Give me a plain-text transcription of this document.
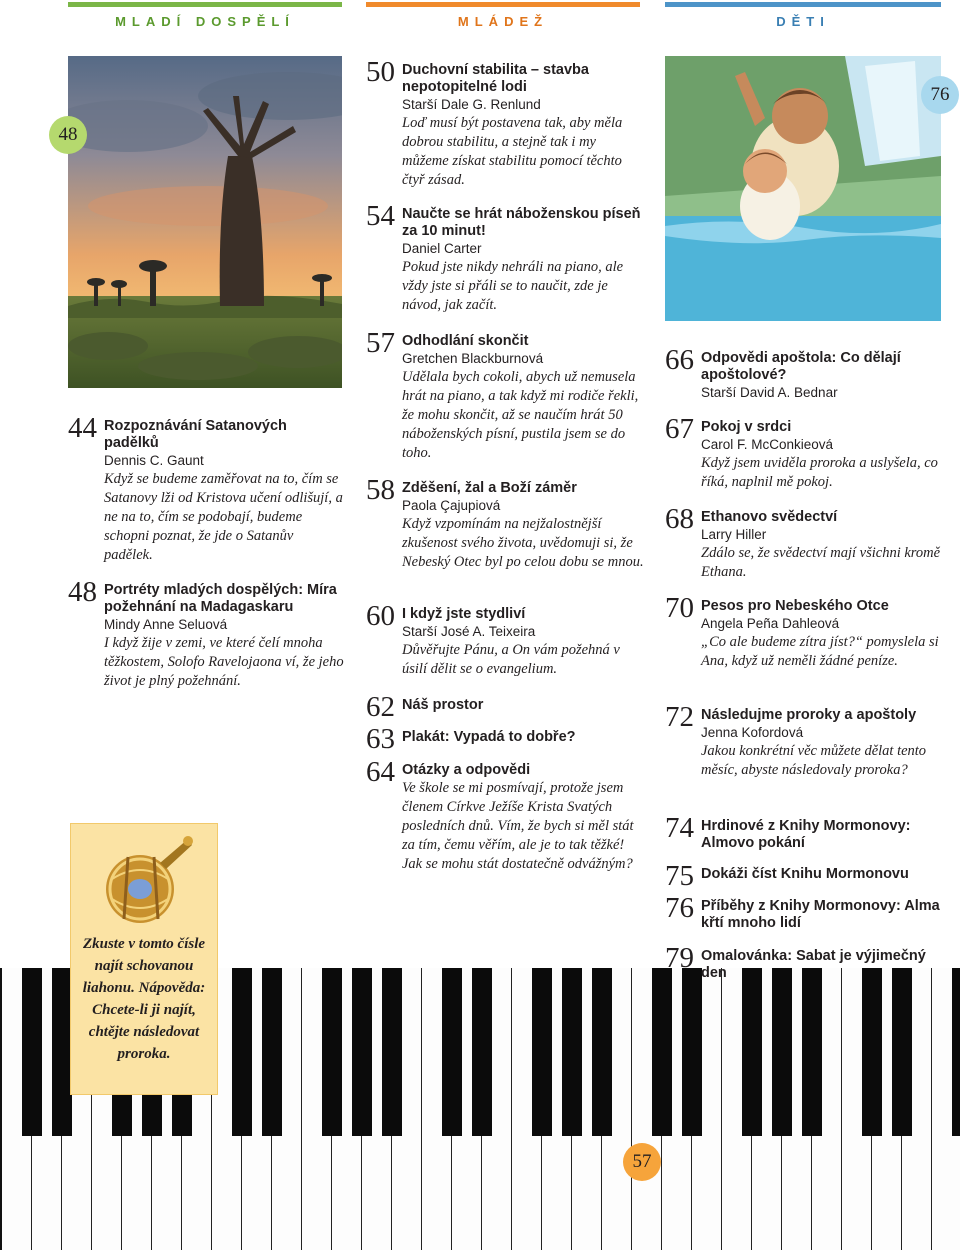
MLADÍ DOSPĚLÍ	MLÁDEŽ	DĚTI
48
76
57
44 Rozpoznávání Satanových padělků
Dennis C. Gaunt
Když se budeme zaměřovat na to, čím se Satanovy lži od Kristova učení odlišují, a ne na to, čím se podobají, budeme schopni poznat, že jde o Satanův padělek.
48 Portréty mladých dospělých: Míra požehnání na Madagaskaru
Mindy Anne Seluová
I když žije v zemi, ve které čelí mnoha těžkostem, Solofo Ravelojaona ví, že jeho život je plný požehnání.
Zkuste v tomto čísle najít schovanou liahonu. Nápověda: Chcete-li ji najít, chtějte následovat proroka.
50 Duchovní stabilita – stavba nepotopitelné lodi
Starší Dale G. Renlund
Loď musí být postavena tak, aby měla dobrou stabilitu, a stejně tak i my můžeme získat stabilitu pomocí těchto čtyř zásad.
54 Naučte se hrát náboženskou píseň za 10 minut!
Daniel Carter
Pokud jste nikdy nehráli na piano, ale vždy jste si přáli se to naučit, zde je návod, jak začít.
57 Odhodlání skončit
Gretchen Blackburnová
Udělala bych cokoli, abych už nemusela hrát na piano, a tak když mi rodiče řekli, že mohu skončit, až se naučím hrát 50 náboženských písní, pustila jsem se do toho.
58 Zděšení, žal a Boží záměr
Paola Çajupiová
Když vzpomínám na nejžalostnější zkušenost svého života, uvědomuji si, že Nebeský Otec byl po celou dobu se mnou.
60 I když jste stydliví
Starší José A. Teixeira
Důvěřujte Pánu, a On vám požehná v úsilí dělit se o evangelium.
62 Náš prostor
63 Plakát: Vypadá to dobře?
64 Otázky a odpovědi
Ve škole se mi posmívají, protože jsem členem Církve Ježíše Krista Svatých posledních dnů. Vím, že bych si měl stát za tím, čemu věřím, ale je to tak těžké! Jak se mohu stát dostatečně odvážným?
66 Odpovědi apoštola: Co dělají apoštolové?
Starší David A. Bednar
67 Pokoj v srdci
Carol F. McConkieová
Když jsem uviděla proroka a uslyšela, co říká, naplnil mě pokoj.
68 Ethanovo svědectví
Larry Hiller
Zdálo se, že svědectví mají všichni kromě Ethana.
70 Pesos pro Nebeského Otce
Angela Peña Dahleová
„Co ale budeme zítra jíst?“ pomyslela si Ana, když už neměli žádné peníze.
72 Následujme proroky a apoštoly
Jenna Kofordová
Jakou konkrétní věc můžete dělat tento měsíc, abyste následovaly proroka?
74 Hrdinové z Knihy Mormonovy: Almovo pokání
75 Dokáži číst Knihu Mormonovu
76 Příběhy z Knihy Mormonovy: Alma křtí mnoho lidí
79 Omalovánka: Sabat je výjimečný den
